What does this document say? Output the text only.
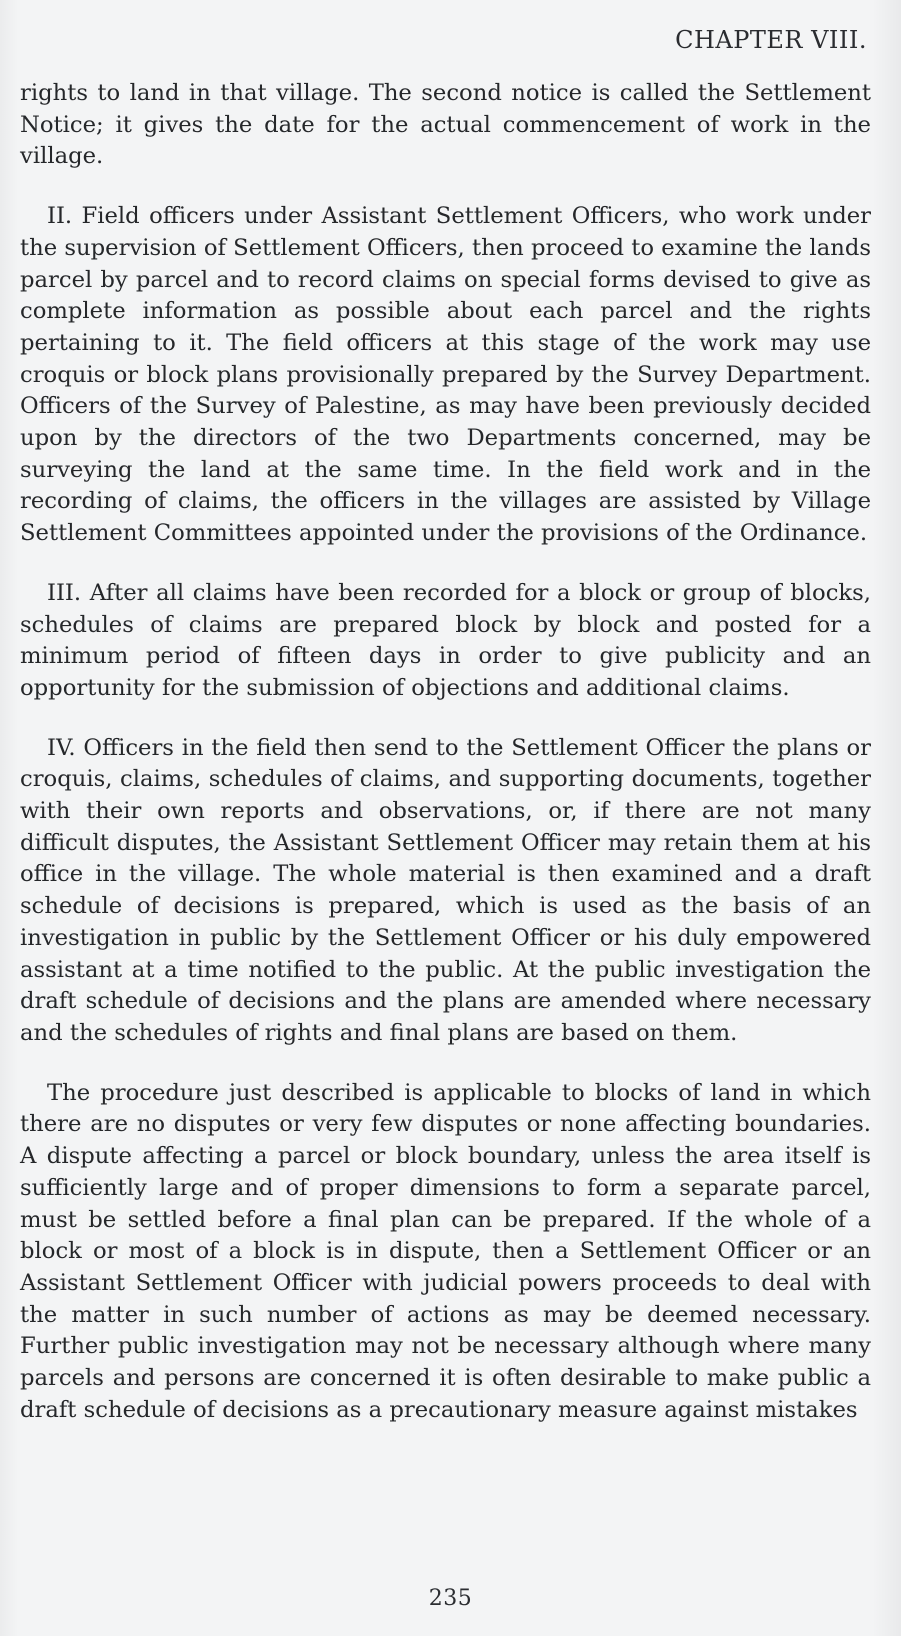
CHAPTER VIII.

rights to land in that village. The second notice is called the Settlement Notice; it gives the date for the actual commencement of work in the village.

II. Field officers under Assistant Settlement Officers, who work under the supervision of Settlement Officers, then proceed to examine the lands parcel by parcel and to record claims on special forms devised to give as complete information as possible about each parcel and the rights pertaining to it. The field officers at this stage of the work may use croquis or block plans provisionally prepared by the Survey Department. Officers of the Survey of Palestine, as may have been previously decided upon by the directors of the two Departments concerned, may be surveying the land at the same time. In the field work and in the recording of claims, the officers in the villages are assisted by Village Settlement Committees appointed under the provisions of the Ordinance.

III. After all claims have been recorded for a block or group of blocks, schedules of claims are prepared block by block and posted for a minimum period of fifteen days in order to give publicity and an opportunity for the submission of objections and additional claims.

IV. Officers in the field then send to the Settlement Officer the plans or croquis, claims, schedules of claims, and supporting documents, together with their own reports and observations, or, if there are not many difficult disputes, the Assistant Settlement Officer may retain them at his office in the village. The whole material is then examined and a draft schedule of decisions is prepared, which is used as the basis of an investigation in public by the Settlement Officer or his duly empowered assistant at a time notified to the public. At the public investigation the draft schedule of decisions and the plans are amended where necessary and the schedules of rights and final plans are based on them.

The procedure just described is applicable to blocks of land in which there are no disputes or very few disputes or none affecting boundaries. A dispute affecting a parcel or block boundary, unless the area itself is sufficiently large and of proper dimensions to form a separate parcel, must be settled before a final plan can be prepared. If the whole of a block or most of a block is in dispute, then a Settlement Officer or an Assistant Settlement Officer with judicial powers proceeds to deal with the matter in such number of actions as may be deemed necessary. Further public investigation may not be necessary although where many parcels and persons are concerned it is often desirable to make public a draft schedule of decisions as a precautionary measure against mistakes

235
